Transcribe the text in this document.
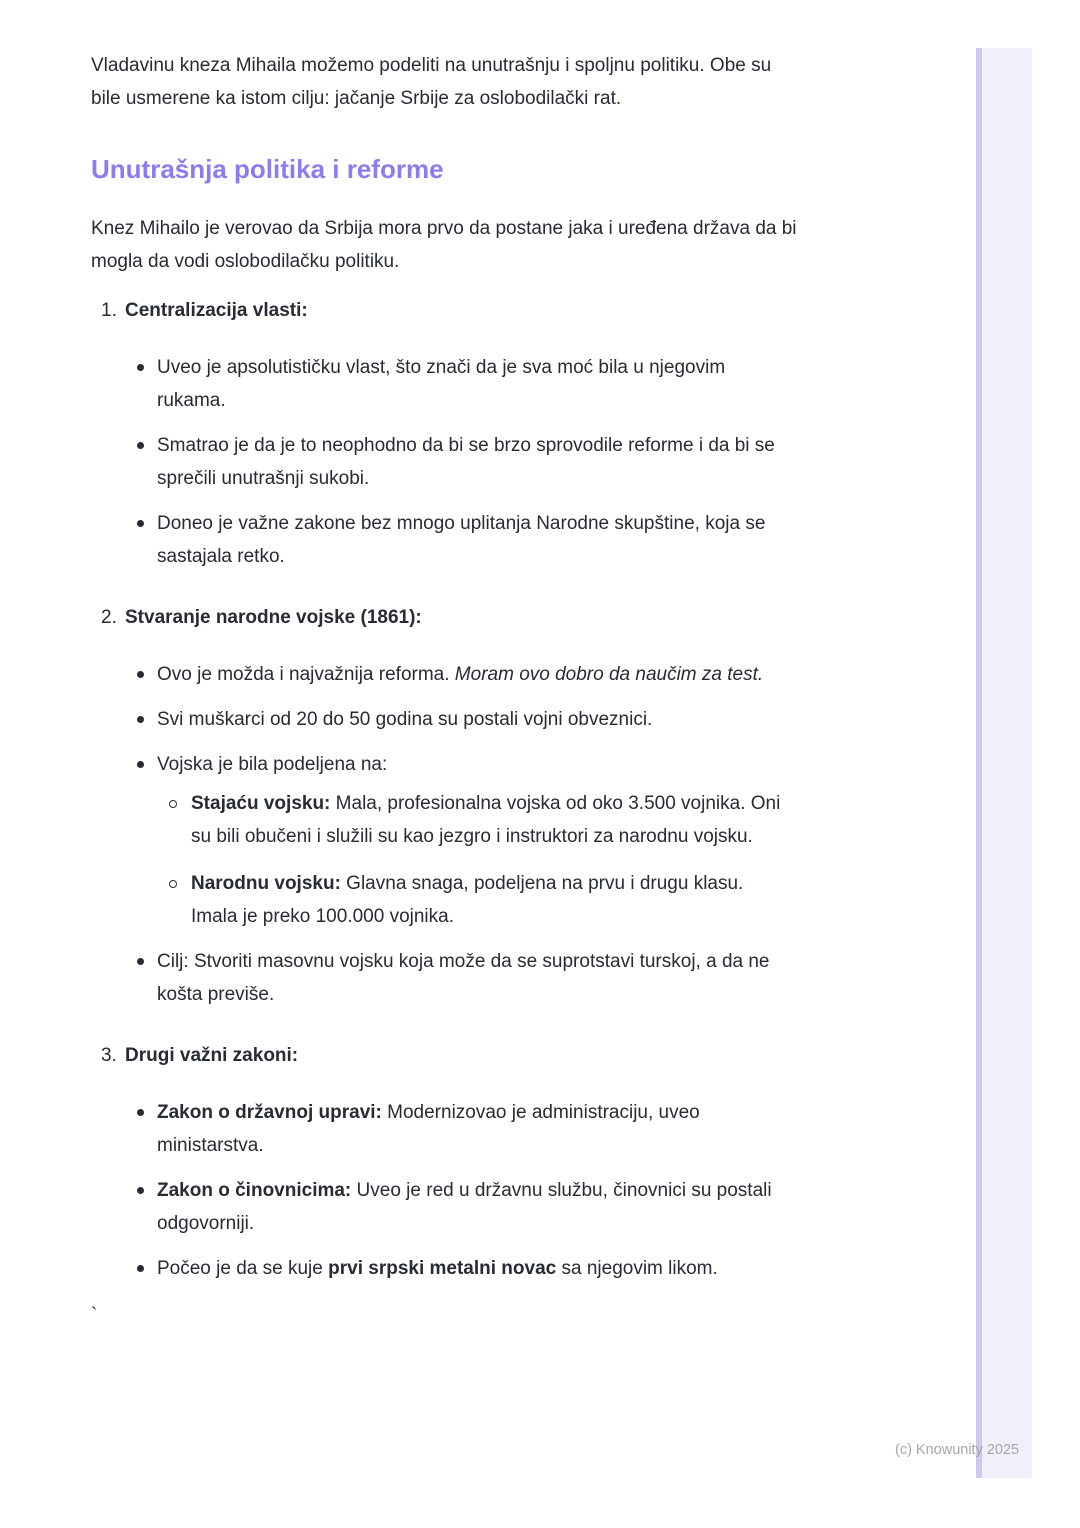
Vladavinu kneza Mihaila možemo podeliti na unutrašnju i spoljnu politiku. Obe su bile usmerene ka istom cilju: jačanje Srbije za oslobodilački rat.

Unutrašnja politika i reforme

Knez Mihailo je verovao da Srbija mora prvo da postane jaka i uređena država da bi mogla da vodi oslobodilačku politiku.

1. Centralizacija vlasti:
Uveo je apsolutističku vlast, što znači da je sva moć bila u njegovim rukama.
Smatrao je da je to neophodno da bi se brzo sprovodile reforme i da bi se sprečili unutrašnji sukobi.
Doneo je važne zakone bez mnogo uplitanja Narodne skupštine, koja se sastajala retko.
2. Stvaranje narodne vojske (1861):
Ovo je možda i najvažnija reforma. Moram ovo dobro da naučim za test.
Svi muškarci od 20 do 50 godina su postali vojni obveznici.
Vojska je bila podeljena na:
Stajaću vojsku: Mala, profesionalna vojska od oko 3.500 vojnika. Oni su bili obučeni i služili su kao jezgro i instruktori za narodnu vojsku.
Narodnu vojsku: Glavna snaga, podeljena na prvu i drugu klasu. Imala je preko 100.000 vojnika.
Cilj: Stvoriti masovnu vojsku koja može da se suprotstavi turskoj, a da ne košta previše.
3. Drugi važni zakoni:
Zakon o državnoj upravi: Modernizovao je administraciju, uveo ministarstva.
Zakon o činovnicima: Uveo je red u državnu službu, činovnici su postali odgovorniji.
Počeo je da se kuje prvi srpski metalni novac sa njegovim likom.

`

(c) Knowunity 2025
